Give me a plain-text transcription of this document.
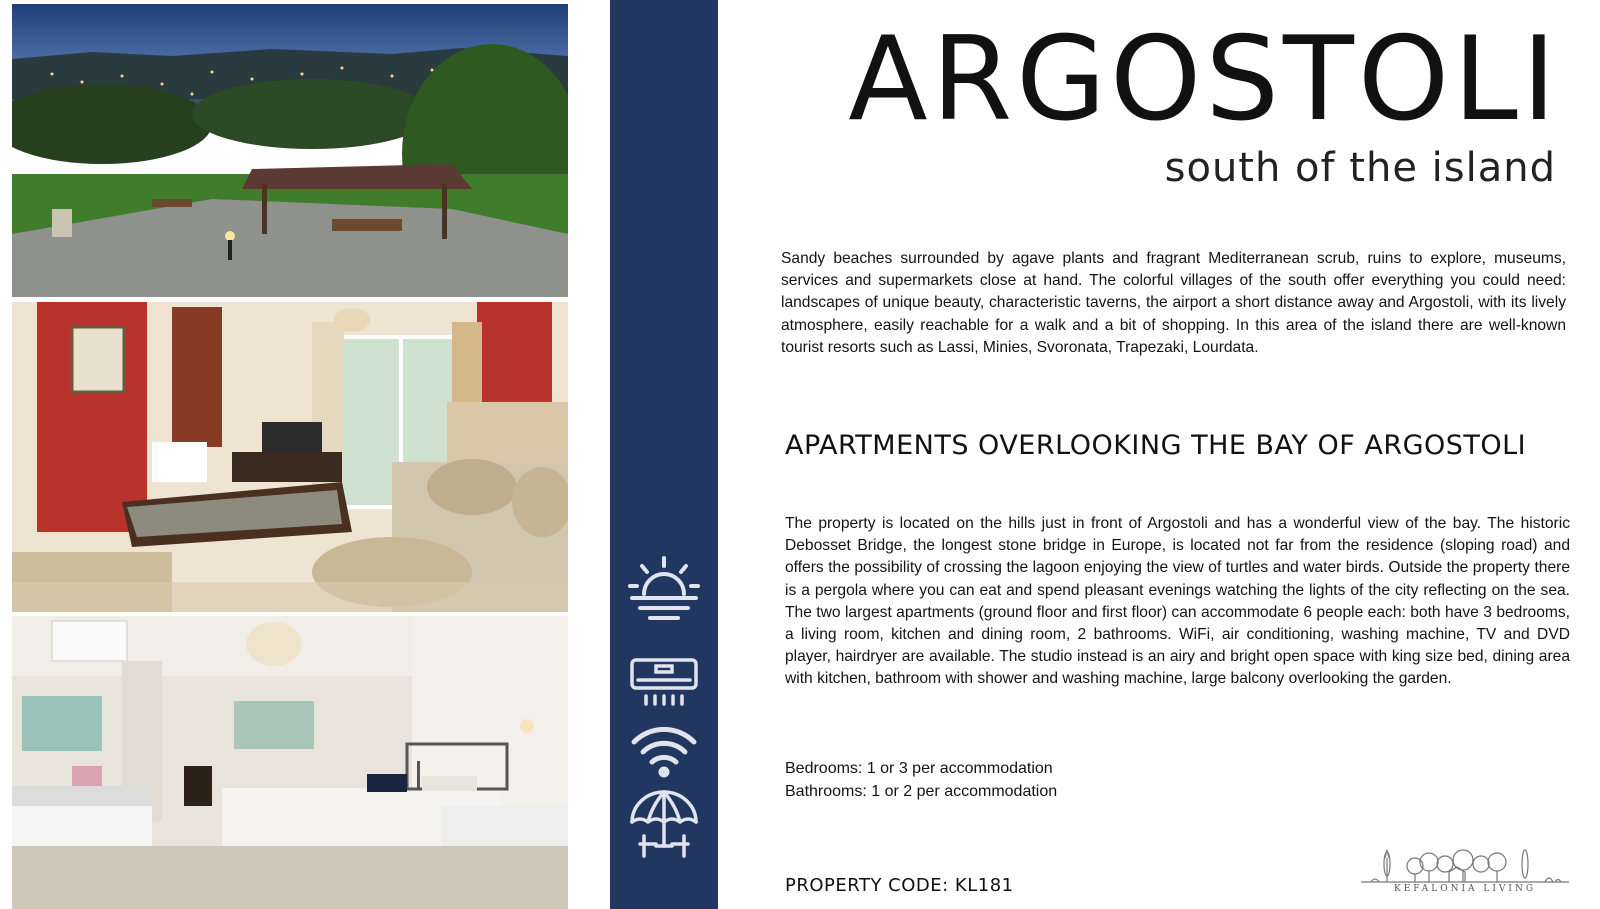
ARGOSTOLI
south of the island

Sandy beaches surrounded by agave plants and fragrant Mediterranean scrub, ruins to explore, museums, services and supermarkets close at hand. The colorful villages of the south offer everything you could need: landscapes of unique beauty, characteristic taverns, the airport a short distance away and Argostoli, with its lively atmosphere, easily reachable for a walk and a bit of shopping. In this area of the island there are well-known tourist resorts such as Lassi, Minies, Svoronata, Trapezaki, Lourdata.

APARTMENTS OVERLOOKING THE BAY OF ARGOSTOLI

The property is located on the hills just in front of Argostoli and has a wonderful view of the bay. The historic Debosset Bridge, the longest stone bridge in Europe, is located not far from the residence (sloping road) and offers the possibility of crossing the lagoon enjoying the view of turtles and water birds. Outside the property there is a pergola where you can eat and spend pleasant evenings watching the lights of the city reflecting on the sea. The two largest apartments (ground floor and first floor) can accommodate 6 people each: both have 3 bedrooms, a living room, kitchen and dining room, 2 bathrooms. WiFi, air conditioning, washing machine, TV and DVD player, hairdryer are available. The studio instead is an airy and bright open space with king size bed, dining area with kitchen, bathroom with shower and washing machine, large balcony overlooking the garden.

Bedrooms: 1 or 3 per accommodation
Bathrooms: 1 or 2 per accommodation
PROPERTY CODE: KL181	KEFALONIA LIVING
